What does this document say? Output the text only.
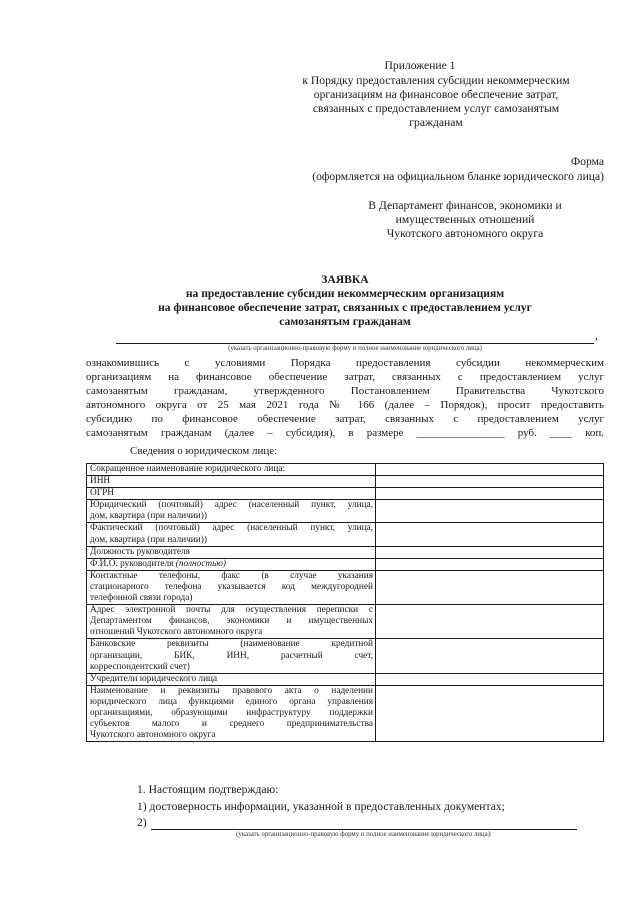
Приложение 1
к Порядку предоставления субсидии некоммерческим
организациям на финансовое обеспечение затрат,
связанных с предоставлением услуг самозанятым
гражданам
Форма
(оформляется на официальном бланке юридического лица)
В Департамент финансов, экономики и
имущественных отношений
Чукотского автономного округа
ЗАЯВКА
на предоставление субсидии некоммерческим организациям
на финансовое обеспечение затрат, связанных с предоставлением услуг
самозанятым гражданам
,
(указать организационно-правовую форму и полное наименование юридического лица)
ознакомившись с условиями Порядка предоставления субсидии некоммерческим
организациям на финансовое обеспечение затрат, связанных с предоставлением услуг
самозанятым гражданам, утвержденного Постановлением Правительства Чукотского
автономного округа от 25 мая 2021 года № 166 (далее – Порядок), просит предоставить
субсидию по финансовое обеспечение затрат, связанных с предоставлением услуг
самозанятым гражданам (далее – субсидия), в размере ________________ руб. ____ коп.
Сведения о юридическом лице:
Сокращенное наименование юридического лица:	

ИНН	

ОГРН	

Юридический (почтовый) адрес (населенный пункт, улица,
дом, квартира (при наличии))	

Фактический (почтовый) адрес (населенный пункт, улица,
дом, квартира (при наличии))	

Должность руководителя	

Ф.И.О. руководителя (полностью)	

Контактные телефоны, факс (в случае указания
стационарного телефона указывается код междугородней
телефонной связи города)	

Адрес электронной почты для осуществления переписки с
Департаментом финансов, экономики и имущественных
отношений Чукотского автономного округа	

Банковские реквизиты (наименование кредитной
организации, БИК, ИНН, расчетный счет,
корреспондентский счет)	

Учредители юридического лица	

Наименование и реквизиты правового акта о наделении
юридического лица функциями единого органа управления
организациями, образующими инфраструктуру поддержки
субъектов малого и среднего предпринимательства
Чукотского автономного округа	

1. Настоящим подтверждаю:
1) достоверность информации, указанной в предоставленных документах;
2)
(указать организационно-правовую форму и полное наименование юридического лица):
